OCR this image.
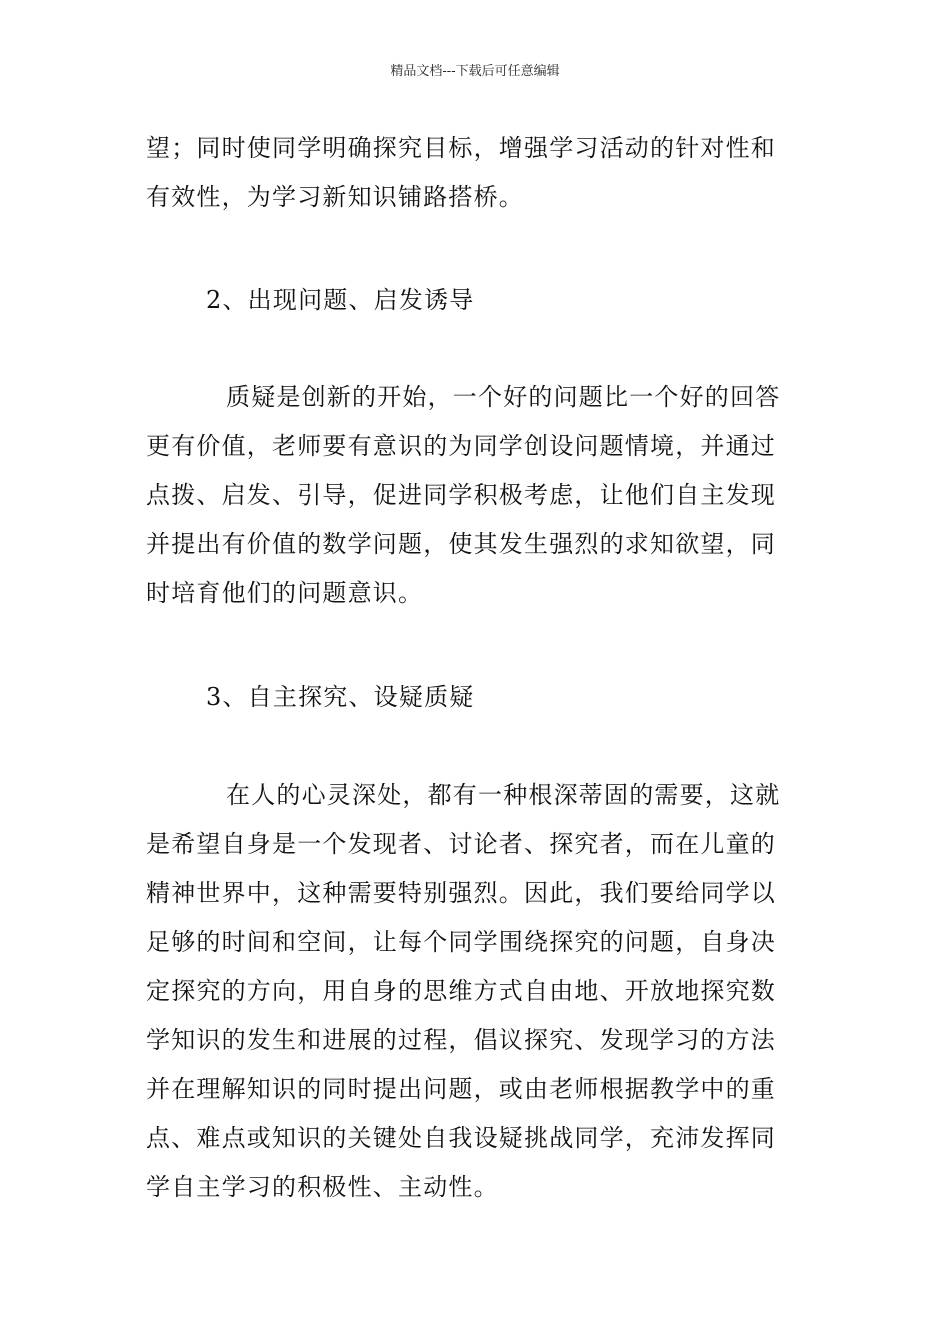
精品文档---下载后可任意编辑
望；同时使同学明确探究目标，增强学习活动的针对性和
有效性，为学习新知识铺路搭桥。
2、出现问题、启发诱导
质疑是创新的开始，一个好的问题比一个好的回答
更有价值，老师要有意识的为同学创设问题情境，并通过
点拨、启发、引导，促进同学积极考虑，让他们自主发现
并提出有价值的数学问题，使其发生强烈的求知欲望，同
时培育他们的问题意识。
3、自主探究、设疑质疑
在人的心灵深处，都有一种根深蒂固的需要，这就
是希望自身是一个发现者、讨论者、探究者，而在儿童的
精神世界中，这种需要特别强烈。因此，我们要给同学以
足够的时间和空间，让每个同学围绕探究的问题，自身决
定探究的方向，用自身的思维方式自由地、开放地探究数
学知识的发生和进展的过程，倡议探究、发现学习的方法
并在理解知识的同时提出问题，或由老师根据教学中的重
点、难点或知识的关键处自我设疑挑战同学，充沛发挥同
学自主学习的积极性、主动性。
